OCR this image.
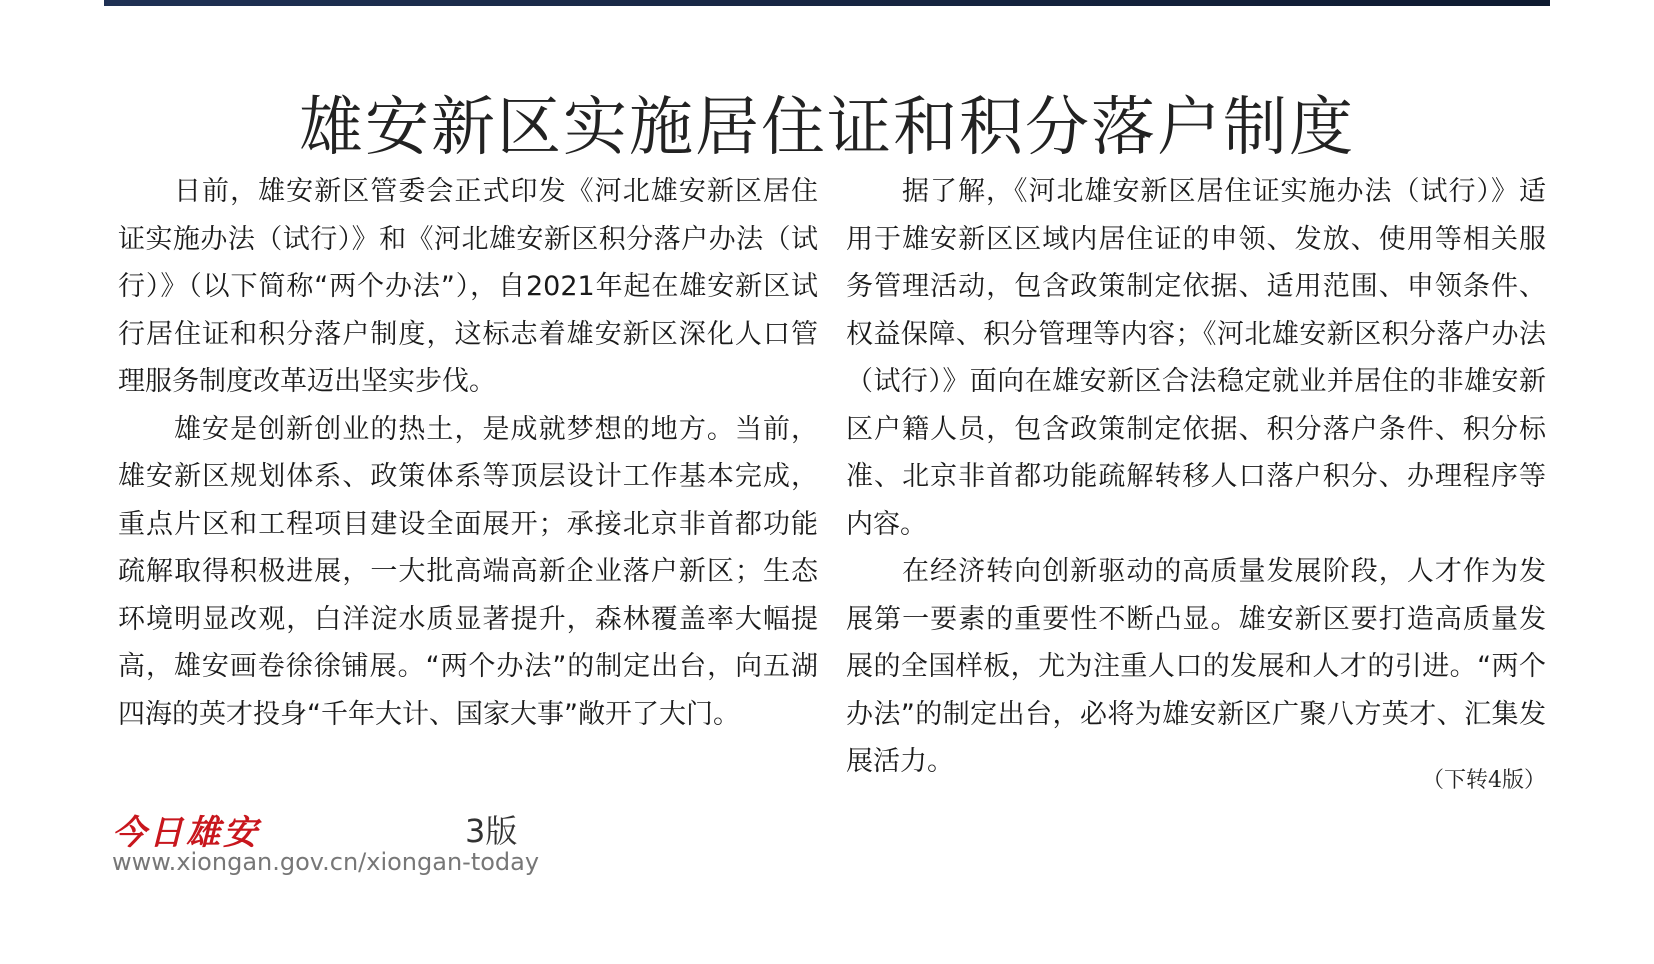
雄安新区实施居住证和积分落户制度

日前，雄安新区管委会正式印发《河北雄安新区居住证实施办法（试行）》和《河北雄安新区积分落户办法（试行）》（以下简称“两个办法”），自2021年起在雄安新区试行居住证和积分落户制度，这标志着雄安新区深化人口管理服务制度改革迈出坚实步伐。

雄安是创新创业的热土，是成就梦想的地方。当前，雄安新区规划体系、政策体系等顶层设计工作基本完成，重点片区和工程项目建设全面展开；承接北京非首都功能疏解取得积极进展，一大批高端高新企业落户新区；生态环境明显改观，白洋淀水质显著提升，森林覆盖率大幅提高，雄安画卷徐徐铺展。“两个办法”的制定出台，向五湖四海的英才投身“千年大计、国家大事”敞开了大门。

据了解，《河北雄安新区居住证实施办法（试行）》适用于雄安新区区域内居住证的申领、发放、使用等相关服务管理活动，包含政策制定依据、适用范围、申领条件、权益保障、积分管理等内容；《河北雄安新区积分落户办法（试行）》面向在雄安新区合法稳定就业并居住的非雄安新区户籍人员，包含政策制定依据、积分落户条件、积分标准、北京非首都功能疏解转移人口落户积分、办理程序等内容。

在经济转向创新驱动的高质量发展阶段，人才作为发展第一要素的重要性不断凸显。雄安新区要打造高质量发展的全国样板，尤为注重人口的发展和人才的引进。“两个办法”的制定出台，必将为雄安新区广聚八方英才、汇集发展活力。

（下转4版）
今日雄安	3版
www.xiongan.gov.cn/xiongan-today
